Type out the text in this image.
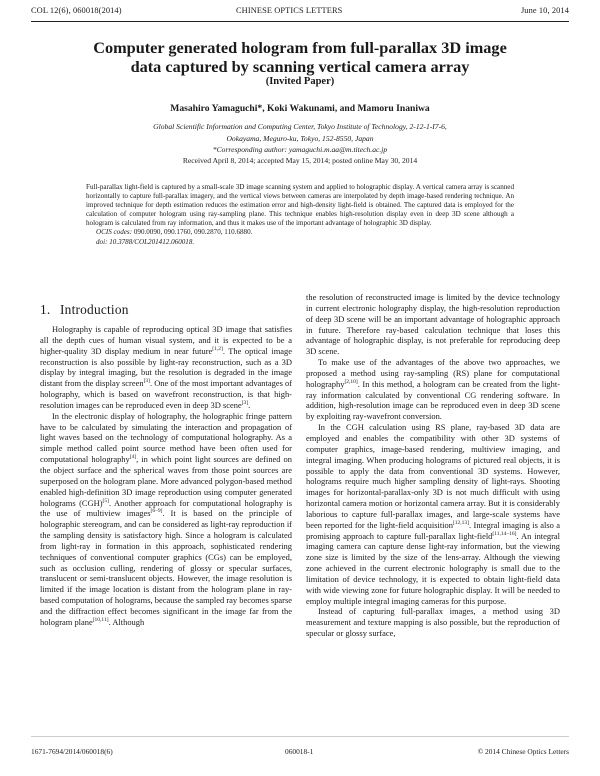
COL 12(6), 060018(2014)	CHINESE OPTICS LETTERS	June 10, 2014
Computer generated hologram from full-parallax 3D image
data captured by scanning vertical camera array
(Invited Paper)
Masahiro Yamaguchi*, Koki Wakunami, and Mamoru Inaniwa
Global Scientific Information and Computing Center, Tokyo Institute of Technology, 2-12-1-I7-6,
Ookayama, Meguro-ku, Tokyo, 152-8550, Japan
*Corresponding author: yamaguchi.m.aa@m.titech.ac.jp
Received April 8, 2014; accepted May 15, 2014; posted online May 30, 2014

Full-parallax light-field is captured by a small-scale 3D image scanning system and applied to holographic display. A vertical camera array is scanned horizontally to capture full-parallax imagery, and the vertical views between cameras are interpolated by depth image-based rendering technique. An improved technique for depth estimation reduces the estimation error and high-density light-field is obtained. The captured data is employed for the calculation of computer hologram using ray-sampling plane. This technique enables high-resolution display even in deep 3D scene although a hologram is calculated from ray information, and thus it makes use of the important advantage of holographic 3D display.

OCIS codes: 090.0090, 090.1760, 090.2870, 110.6880.
doi: 10.3788/COL201412.060018.
1. Introduction

Holography is capable of reproducing optical 3D image that satisfies all the depth cues of human visual system, and it is expected to be a higher-quality 3D display medium in near future[1,2]. The optical image reconstruction is also possible by light-ray reconstruction, such as a 3D display by integral imaging, but the resolution is degraded in the image distant from the display screen[3]. One of the most important advantages of holography, which is based on wavefront reconstruction, is that high-resolution images can be reproduced even in deep 3D scene[3].

In the electronic display of holography, the holographic fringe pattern have to be calculated by simulating the interaction and propagation of light waves based on the technology of computational holography. As a simple method called point source method have been often used for computational holography[4], in which point light sources are defined on the object surface and the spherical waves from those point sources are superposed on the hologram plane. More advanced polygon-based method enabled high-definition 3D image reproduction using computer generated holograms (CGH)[5]. Another approach for computational holography is the use of multiview images[6–9]. It is based on the principle of holographic stereogram, and can be considered as light-ray reproduction if the sampling density is satisfactory high. Since a hologram is calculated from light-ray in formation in this approach, sophisticated rendering techniques of conventional computer graphics (CGs) can be employed, such as occlusion culling, rendering of glossy or specular surfaces, translucent or semi-translucent objects. However, the image resolution is limited if the image location is distant from the hologram plane in ray-based computation of holograms, because the sampled ray becomes sparse and the diffraction effect becomes significant in the image far from the hologram plane[10,11]. Although

the resolution of reconstructed image is limited by the device technology in current electronic holography display, the high-resolution reproduction of deep 3D scene will be an important advantage of holographic approach in future. Therefore ray-based calculation technique that loses this advantage of holographic display, is not preferable for reproducing deep 3D scene.

To make use of the advantages of the above two approaches, we proposed a method using ray-sampling (RS) plane for computational holography[2,10]. In this method, a hologram can be created from the light-ray information calculated by conventional CG rendering software. In addition, high-resolution image can be reproduced even in deep 3D scene by exploiting ray-wavefront conversion.

In the CGH calculation using RS plane, ray-based 3D data are employed and enables the compatibility with other 3D systems of computer graphics, image-based rendering, multiview imaging, and integral imaging. When producing holograms of pictured real objects, it is possible to apply the data from conventional 3D systems. However, holograms require much higher sampling density of light-rays. Shooting images for horizontal-parallax-only 3D is not much difficult with using horizontal camera motion or horizontal camera array. But it is considerably laborious to capture full-parallax images, and large-scale systems have been reported for the light-field acquisition[12,13]. Integral imaging is also a promising approach to capture full-parallax light-field[11,14–16]. An integral imaging camera can capture dense light-ray information, but the viewing zone size is limited by the size of the lens-array. Although the viewing zone achieved in the current electronic holography is small due to the limitation of device technology, it is expected to obtain light-field data with wide viewing zone for future holographic display. It will be needed to employ multiple integral imaging cameras for this purpose.

Instead of capturing full-parallax images, a method using 3D measurement and texture mapping is also possible, but the reproduction of specular or glossy surface,

1671-7694/2014/060018(6)	060018-1	© 2014 Chinese Optics Letters
